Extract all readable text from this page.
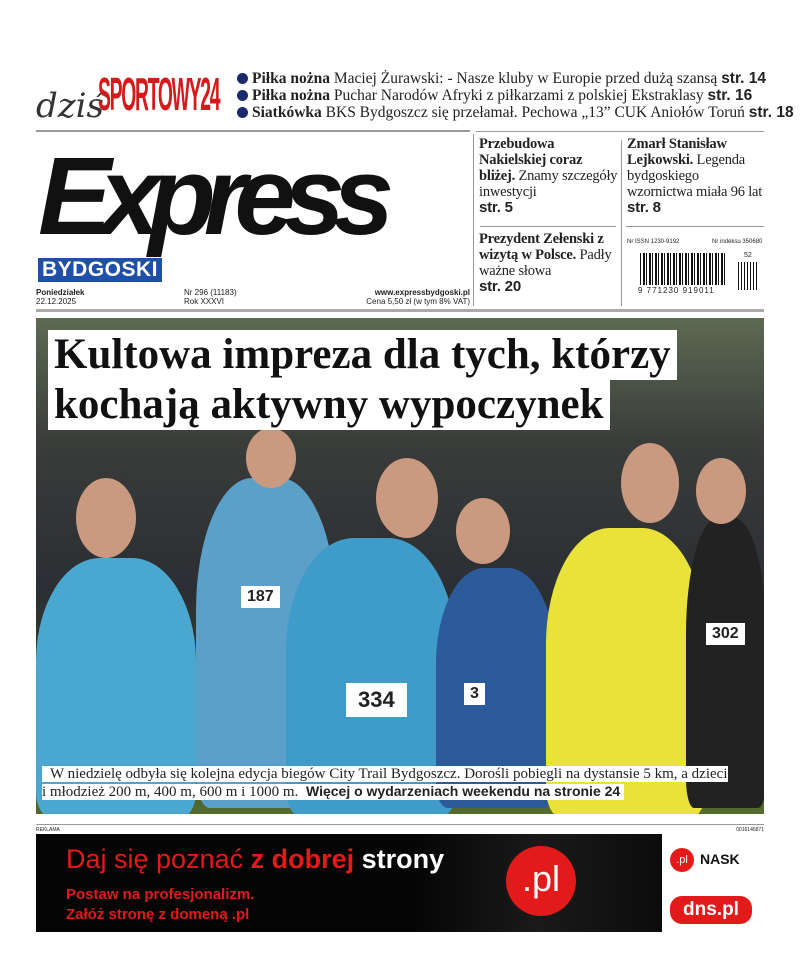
dziś
SPORTOWY24	Piłka nożna Maciej Żurawski: - Nasze kluby w Europie przed dużą szansą str. 14
Piłka nożna Puchar Narodów Afryki z piłkarzami z polskiej Ekstraklasy str. 16
Siatkówka BKS Bydgoszcz się przełamał. Pechowa „13” CUK Aniołów Toruń str. 18
Express
BYDGOSKI
Poniedziałek
22.12.2025
Nr 296 (11183)
Rok XXXVI
www.expressbydgoski.pl
Cena 5,50 zł (w tym 8% VAT)
Przebudowa Nakielskiej coraz bliżej. Znamy szczegóły inwestycji
str. 5
Zmarł Stanisław Lejkowski. Legenda bydgoskiego wzornictwa miała 96 lat str. 8
Prezydent Zełenski z wizytą w Polsce. Padły ważne słowa
str. 20
Nr ISSN 1230-9192	Nr indeksu 350680
9 771230 919011
52
187
334
302
3
Kultowa impreza dla tych, którzy
kochają aktywny wypoczynek
W niedzielę odbyła się kolejna edycja biegów City Trail Bydgoszcz. Dorośli pobiegli na dystansie 5 km, a dzieci i młodzież 200 m, 400 m, 600 m i 1000 m. Więcej o wydarzeniach weekendu na stronie 24
REKLAMA	0016146871
Daj się poznać z dobrej strony
Postaw na profesjonalizm.
Załóż stronę z domeną .pl
.pl	.pl NASK
dns.pl
